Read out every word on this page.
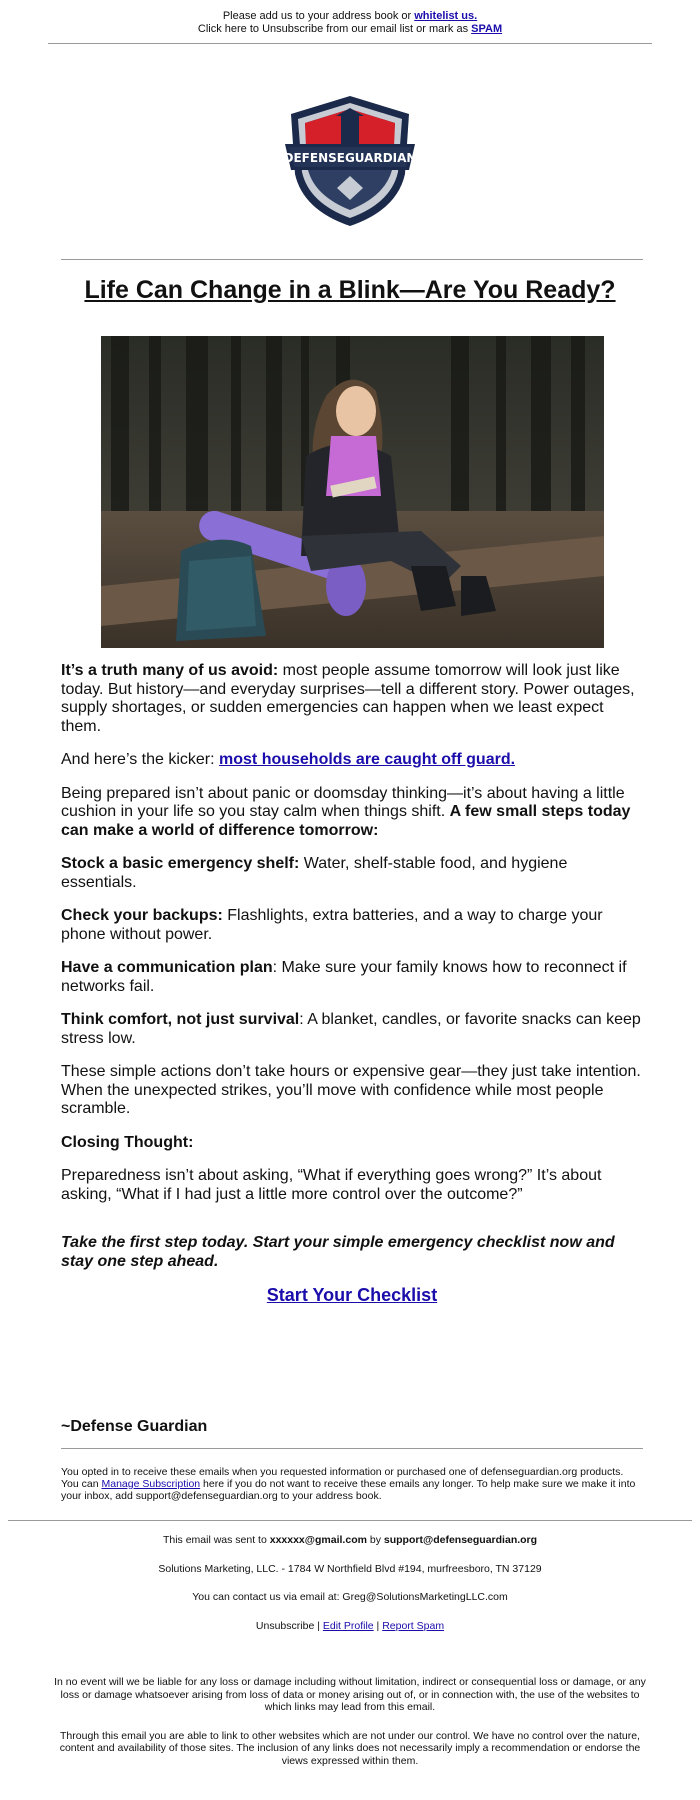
Please add us to your address book or whitelist us.
Click here to Unsubscribe from our email list or mark as SPAM
DEFENSEGUARDIAN
Life Can Change in a Blink—Are You Ready?

It’s a truth many of us avoid: most people assume tomorrow will look just like today. But history—and everyday surprises—tell a different story. Power outages, supply shortages, or sudden emergencies can happen when we least expect them.

And here’s the kicker: most households are caught off guard.

Being prepared isn’t about panic or doomsday thinking—it’s about having a little cushion in your life so you stay calm when things shift. A few small steps today can make a world of difference tomorrow:

Stock a basic emergency shelf: Water, shelf-stable food, and hygiene essentials.

Check your backups: Flashlights, extra batteries, and a way to charge your phone without power.

Have a communication plan: Make sure your family knows how to reconnect if networks fail.

Think comfort, not just survival: A blanket, candles, or favorite snacks can keep stress low.

These simple actions don’t take hours or expensive gear—they just take intention. When the unexpected strikes, you’ll move with confidence while most people scramble.

Closing Thought:

Preparedness isn’t about asking, “What if everything goes wrong?” It’s about asking, “What if I had just a little more control over the outcome?”

Take the first step today. Start your simple emergency checklist now and stay one step ahead.

Start Your Checklist
~Defense Guardian
You opted in to receive these emails when you requested information or purchased one of defenseguardian.org products. You can Manage Subscription here if you do not want to receive these emails any longer. To help make sure we make it into your inbox, add support@defenseguardian.org to your address book.

This email was sent to xxxxxx@gmail.com by support@defenseguardian.org

Solutions Marketing, LLC. - 1784 W Northfield Blvd #194, murfreesboro, TN 37129

You can contact us via email at: Greg@SolutionsMarketingLLC.com

Unsubscribe | Edit Profile | Report Spam

In no event will we be liable for any loss or damage including without limitation, indirect or consequential loss or damage, or any loss or damage whatsoever arising from loss of data or money arising out of, or in connection with, the use of the websites to which links may lead from this email.

Through this email you are able to link to other websites which are not under our control. We have no control over the nature, content and availability of those sites. The inclusion of any links does not necessarily imply a recommendation or endorse the views expressed within them.
